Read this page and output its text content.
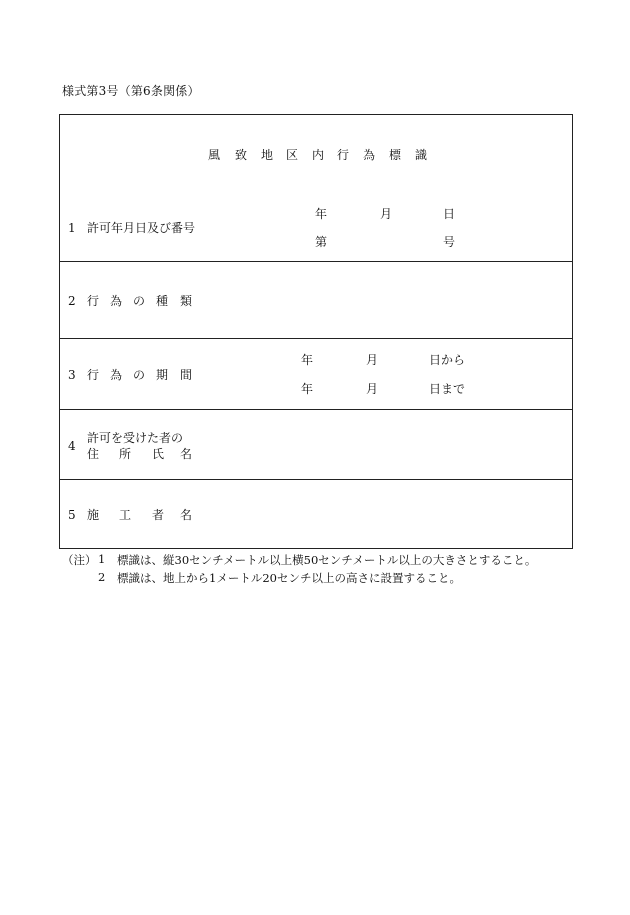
様式第3号（第6条関係）
風 致 地 区 内 行 為 標 識
1 許可年月日及び番号
年	月	日
第	号
2 行 為 の 種 類
3 行 為 の 期 間
年	月	日から
年	月	日まで
4
許可を受けた者の
住 所 氏 名
5 施 工 者 名
（注） 1 標識は、縦30センチメートル以上横50センチメートル以上の大きさとすること。
2 標識は、地上から1メートル20センチ以上の高さに設置すること。
